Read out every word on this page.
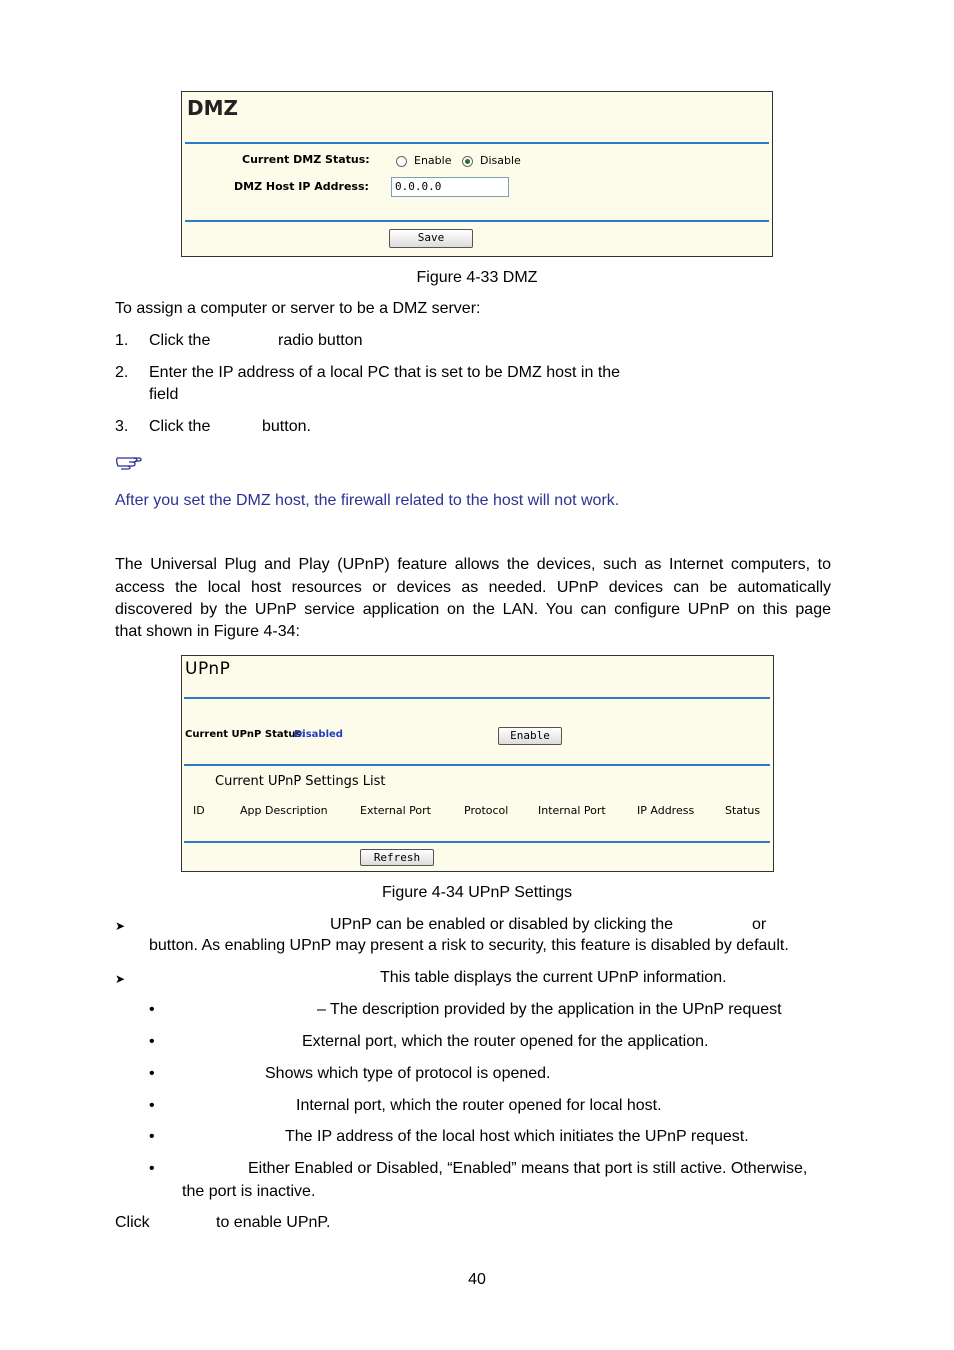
DMZ
Current DMZ Status:	Enable	Disable
DMZ Host IP Address:	0.0.0.0
Save
Figure 4-33 DMZ
To assign a computer or server to be a DMZ server:
1. Click the	radio button
2. Enter the IP address of a local PC that is set to be DMZ host in the
field
3. Click the	button.
After you set the DMZ host, the firewall related to the host will not work.
The Universal Plug and Play (UPnP) feature allows the devices, such as Internet computers, to
access the local host resources or devices as needed. UPnP devices can be automatically
discovered by the UPnP service application on the LAN. You can configure UPnP on this page
that shown in Figure 4-34:
UPnP
Current UPnP Status:
Disabled	Enable
Current UPnP Settings List
ID	App Description	External Port	Protocol	Internal Port	IP Address	Status
Refresh
Figure 4-34 UPnP Settings
➤	UPnP can be enabled or disabled by clicking the	or
button. As enabling UPnP may present a risk to security, this feature is disabled by default.
➤	This table displays the current UPnP information.
•	– The description provided by the application in the UPnP request
•	External port, which the router opened for the application.
•	Shows which type of protocol is opened.
•	Internal port, which the router opened for local host.
•	The IP address of the local host which initiates the UPnP request.
•	Either Enabled or Disabled, “Enabled” means that port is still active. Otherwise,
the port is inactive.
Click	to enable UPnP.
40
